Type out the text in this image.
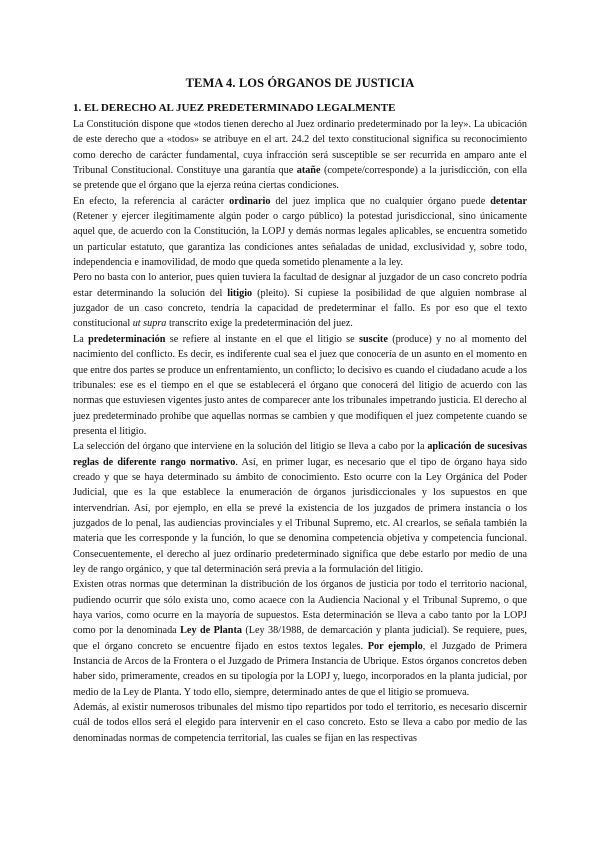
TEMA 4. LOS ÓRGANOS DE JUSTICIA
1. EL DERECHO AL JUEZ PREDETERMINADO LEGALMENTE

La Constitución dispone que «todos tienen derecho al Juez ordinario predeterminado por la ley». La ubicación de este derecho que a «todos» se atribuye en el art. 24.2 del texto constitucional significa su reconocimiento como derecho de carácter fundamental, cuya infracción será susceptible se ser recurrida en amparo ante el Tribunal Constitucional. Constituye una garantía que atañe (compete/corresponde) a la jurisdicción, con ella se pretende que el órgano que la ejerza reúna ciertas condiciones.

En efecto, la referencia al carácter ordinario del juez implica que no cualquier órgano puede detentar (Retener y ejercer ilegítimamente algún poder o cargo público) la potestad jurisdiccional, sino únicamente aquel que, de acuerdo con la Constitución, la LOPJ y demás normas legales aplicables, se encuentra sometido un particular estatuto, que garantiza las condiciones antes señaladas de unidad, exclusividad y, sobre todo, independencia e inamovilidad, de modo que queda sometido plenamente a la ley.

Pero no basta con lo anterior, pues quien tuviera la facultad de designar al juzgador de un caso concreto podría estar determinando la solución del litigio (pleito). Si cupiese la posibilidad de que alguien nombrase al juzgador de un caso concreto, tendría la capacidad de predeterminar el fallo. Es por eso que el texto constitucional ut supra transcrito exige la predeterminación del juez.

La predeterminación se refiere al instante en el que el litigio se suscite (produce) y no al momento del nacimiento del conflicto. Es decir, es indiferente cual sea el juez que conocería de un asunto en el momento en que entre dos partes se produce un enfrentamiento, un conflicto; lo decisivo es cuando el ciudadano acude a los tribunales: ese es el tiempo en el que se establecerá el órgano que conocerá del litigio de acuerdo con las normas que estuviesen vigentes justo antes de comparecer ante los tribunales impetrando justicia. El derecho al juez predeterminado prohíbe que aquellas normas se cambien y que modifiquen el juez competente cuando se presenta el litigio.

La selección del órgano que interviene en la solución del litigio se lleva a cabo por la aplicación de sucesivas reglas de diferente rango normativo. Así, en primer lugar, es necesario que el tipo de órgano haya sido creado y que se haya determinado su ámbito de conocimiento. Esto ocurre con la Ley Orgánica del Poder Judicial, que es la que establece la enumeración de órganos jurisdiccionales y los supuestos en que intervendrían. Así, por ejemplo, en ella se prevé la existencia de los juzgados de primera instancia o los juzgados de lo penal, las audiencias provinciales y el Tribunal Supremo, etc. Al crearlos, se señala también la materia que les corresponde y la función, lo que se denomina competencia objetiva y competencia funcional. Consecuentemente, el derecho al juez ordinario predeterminado significa que debe estarlo por medio de una ley de rango orgánico, y que tal determinación será previa a la formulación del litigio.

Existen otras normas que determinan la distribución de los órganos de justicia por todo el territorio nacional, pudiendo ocurrir que sólo exista uno, como acaece con la Audiencia Nacional y el Tribunal Supremo, o que haya varios, como ocurre en la mayoría de supuestos. Esta determinación se lleva a cabo tanto por la LOPJ como por la denominada Ley de Planta (Ley 38/1988, de demarcación y planta judicial). Se requiere, pues, que el órgano concreto se encuentre fijado en estos textos legales. Por ejemplo, el Juzgado de Primera Instancia de Arcos de la Frontera o el Juzgado de Primera Instancia de Ubrique. Estos órganos concretos deben haber sido, primeramente, creados en su tipología por la LOPJ y, luego, incorporados en la planta judicial, por medio de la Ley de Planta. Y todo ello, siempre, determinado antes de que el litigio se promueva.

Además, al existir numerosos tribunales del mismo tipo repartidos por todo el territorio, es necesario discernir cuál de todos ellos será el elegido para intervenir en el caso concreto. Esto se lleva a cabo por medio de las denominadas normas de competencia territorial, las cuales se fijan en las respectivas
